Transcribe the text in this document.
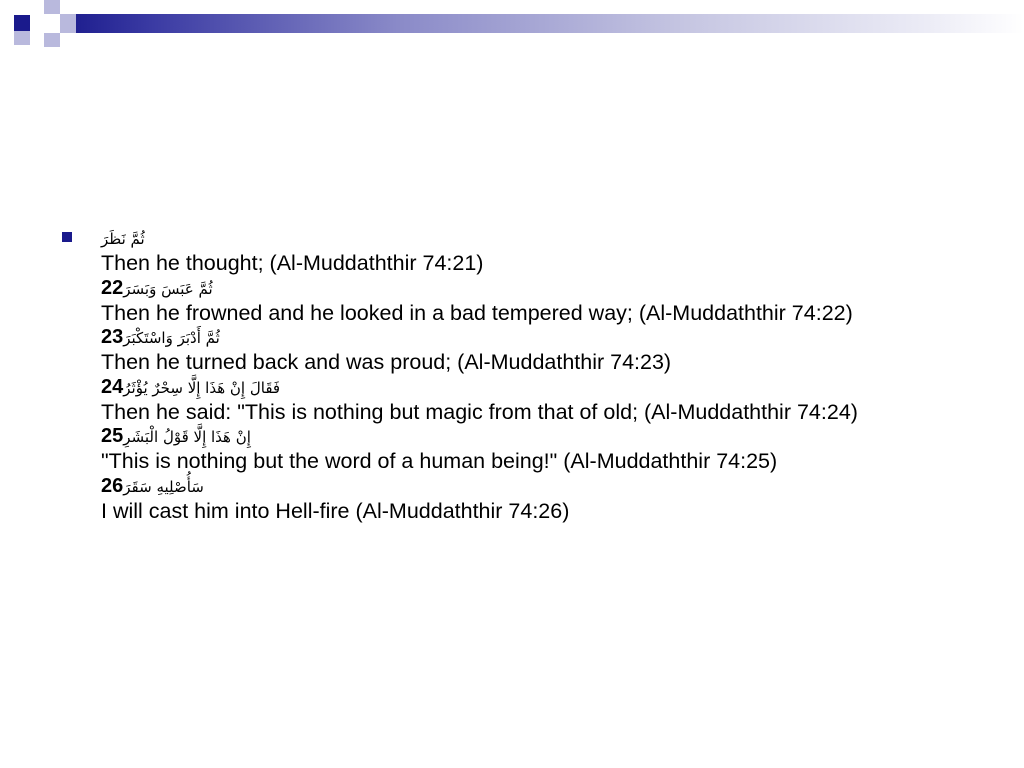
ثُمَّ نَظَرَ
Then he thought; (Al-Muddaththir 74:21)
ثُمَّ عَبَسَ وَبَسَرَ22
Then he frowned and he looked in a bad tempered way; (Al-Muddaththir 74:22)
ثُمَّ أَدْبَرَ وَاسْتَكْبَرَ23
Then he turned back and was proud; (Al-Muddaththir 74:23)
فَقَالَ إِنْ هَذَا إِلَّا سِحْرٌ يُؤْثَرُ24
Then he said: "This is nothing but magic from that of old; (Al-Muddaththir 74:24)
إِنْ هَذَا إِلَّا قَوْلُ الْبَشَرِ25
"This is nothing but the word of a human being!" (Al-Muddaththir 74:25)
سَأُصْلِيهِ سَقَرَ26
I will cast him into Hell-fire (Al-Muddaththir 74:26)
